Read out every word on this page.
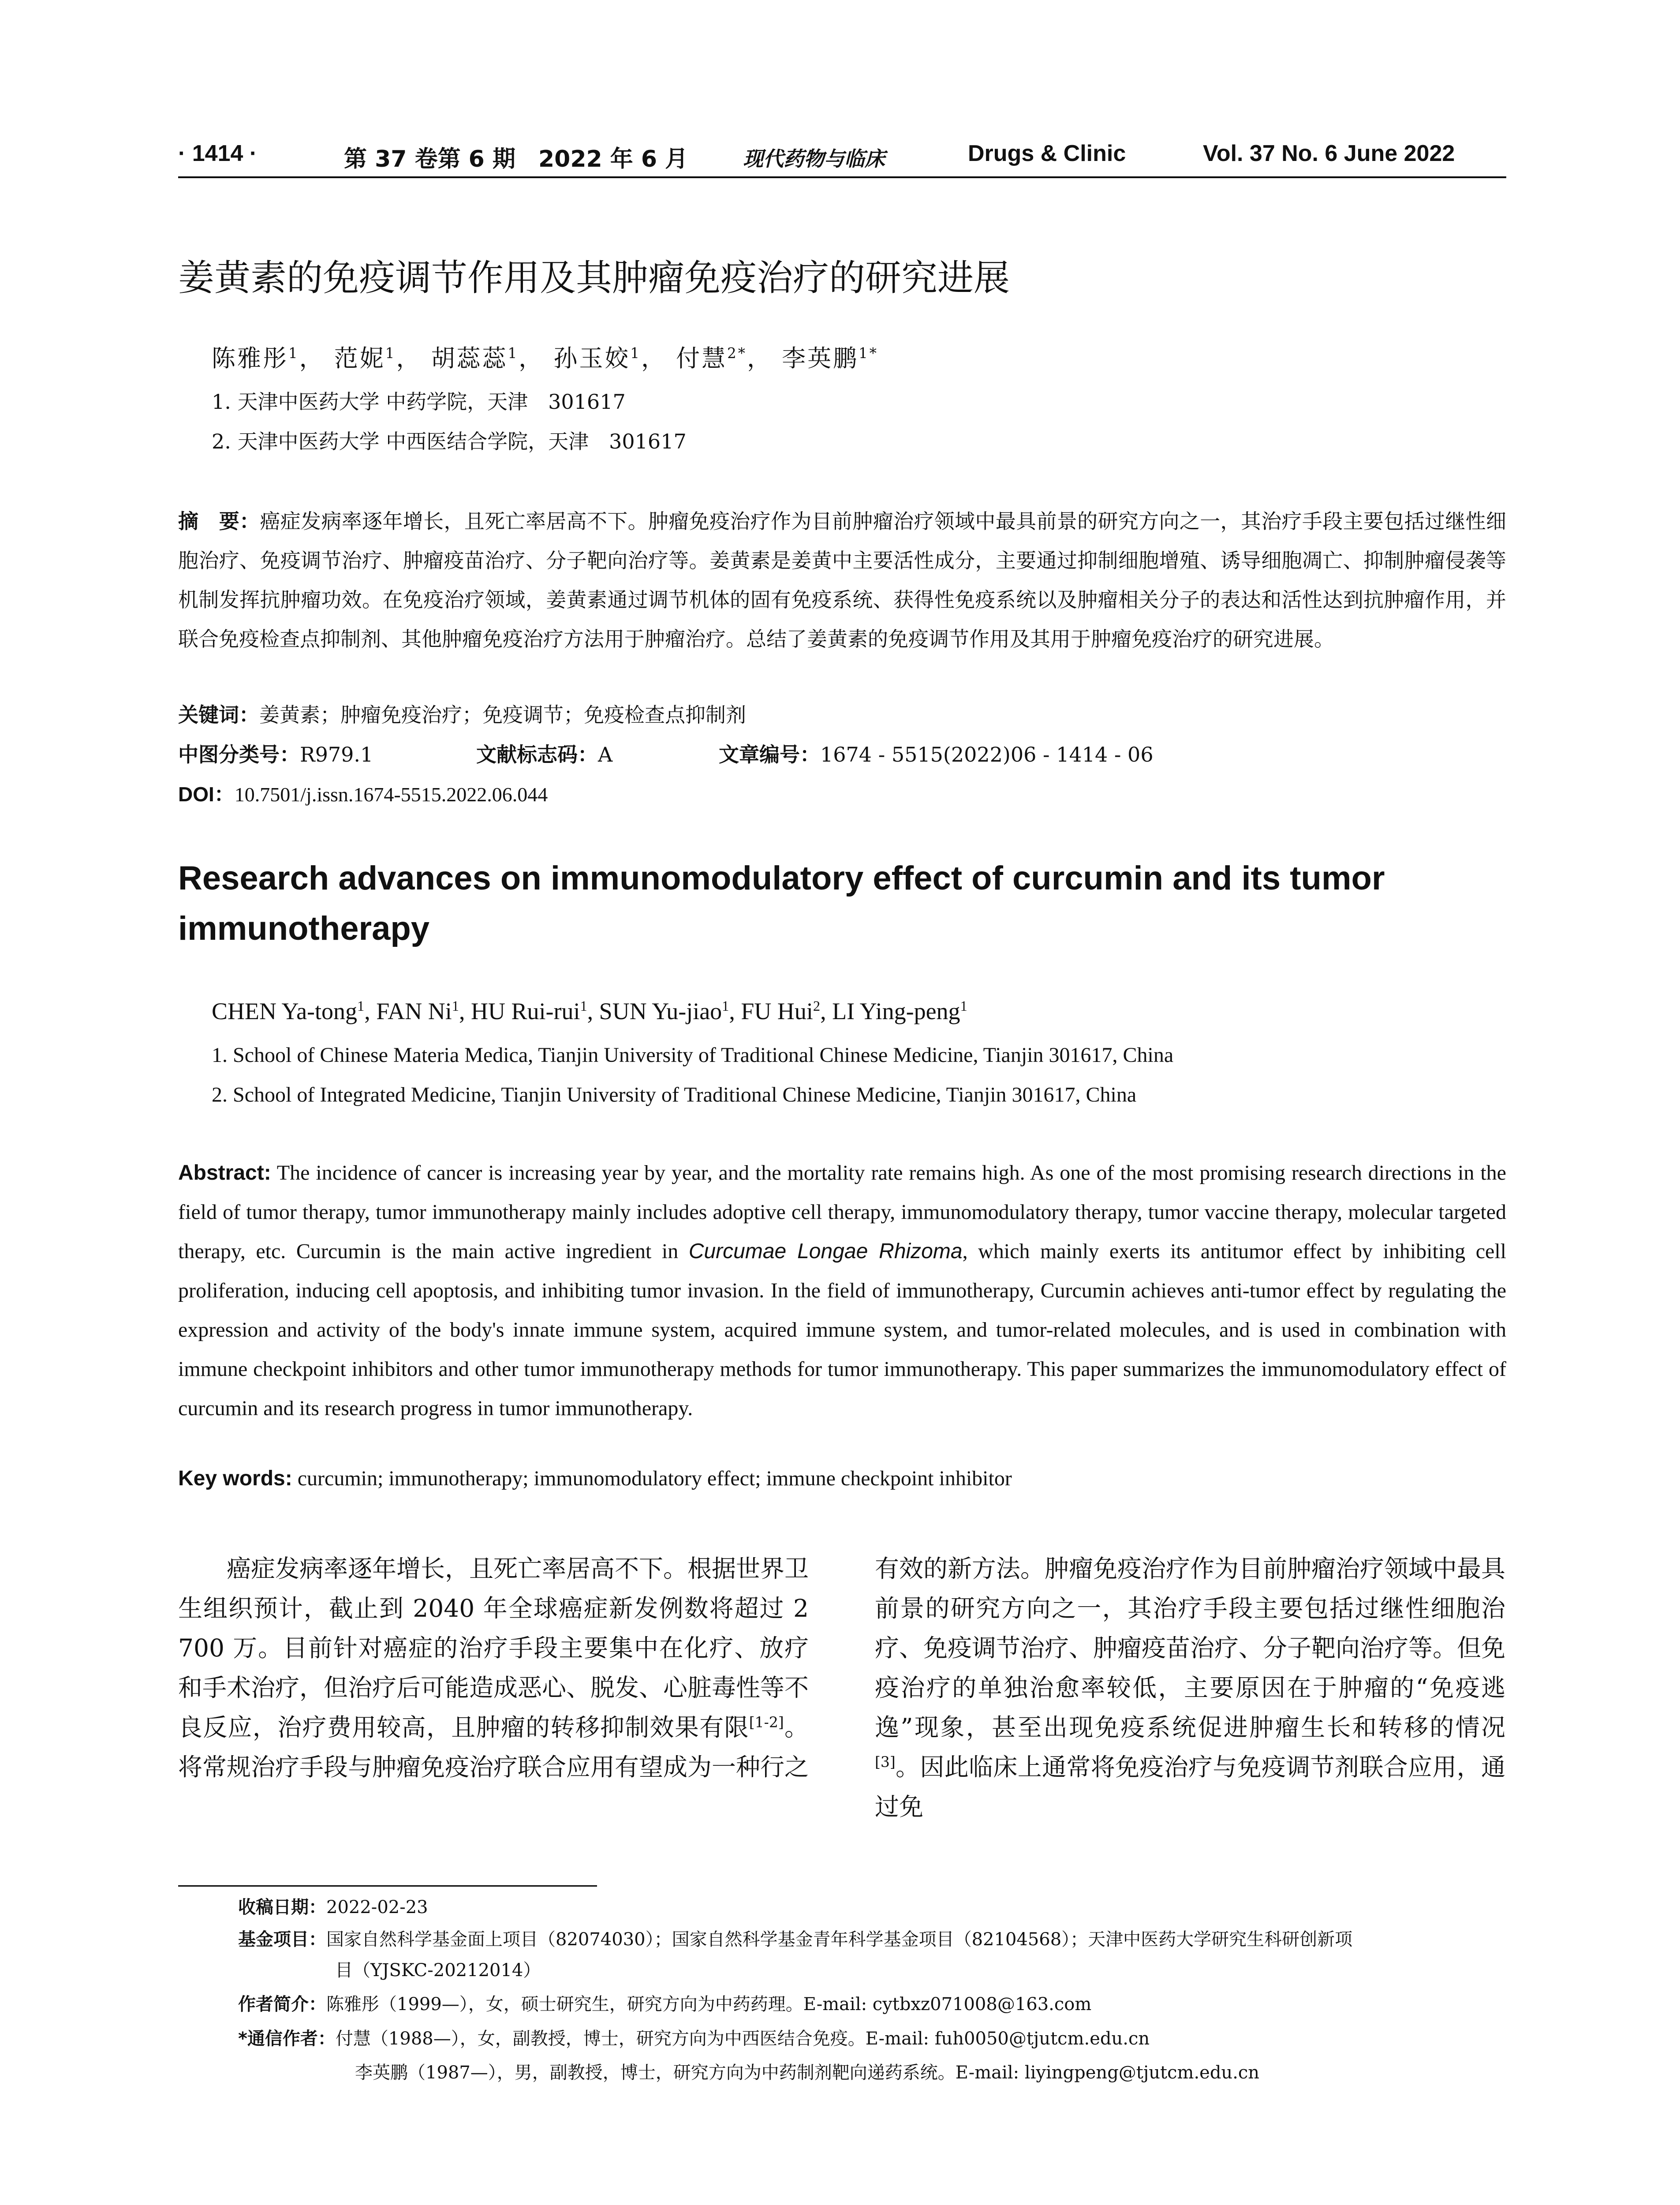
· 1414 ·	第 37 卷第 6 期　2022 年 6 月	现代药物与临床	Drugs & Clinic	Vol. 37 No. 6 June 2022
姜黄素的免疫调节作用及其肿瘤免疫治疗的研究进展
陈雅彤$^1$， 范妮$^1$， 胡蕊蕊$^1$， 孙玉姣$^1$， 付慧$^{2*}$， 李英鹏$^{1*}$
1. 天津中医药大学 中药学院，天津　301617
2. 天津中医药大学 中西医结合学院，天津　301617
摘　要：癌症发病率逐年增长，且死亡率居高不下。肿瘤免疫治疗作为目前肿瘤治疗领域中最具前景的研究方向之一，其治疗手段主要包括过继性细胞治疗、免疫调节治疗、肿瘤疫苗治疗、分子靶向治疗等。姜黄素是姜黄中主要活性成分，主要通过抑制细胞增殖、诱导细胞凋亡、抑制肿瘤侵袭等机制发挥抗肿瘤功效。在免疫治疗领域，姜黄素通过调节机体的固有免疫系统、获得性免疫系统以及肿瘤相关分子的表达和活性达到抗肿瘤作用，并联合免疫检查点抑制剂、其他肿瘤免疫治疗方法用于肿瘤治疗。总结了姜黄素的免疫调节作用及其用于肿瘤免疫治疗的研究进展。
关键词：姜黄素；肿瘤免疫治疗；免疫调节；免疫检查点抑制剂
中图分类号：R979.1	文献标志码：A	文章编号：1674 - 5515(2022)06 - 1414 - 06
DOI：10.7501/j.issn.1674-5515.2022.06.044
Research advances on immunomodulatory effect of curcumin and its tumor immunotherapy
CHEN Ya-tong$^1$, FAN Ni$^1$, HU Rui-rui$^1$, SUN Yu-jiao$^1$, FU Hui$^2$, LI Ying-peng$^1$
1. School of Chinese Materia Medica, Tianjin University of Traditional Chinese Medicine, Tianjin 301617, China
2. School of Integrated Medicine, Tianjin University of Traditional Chinese Medicine, Tianjin 301617, China
Abstract: The incidence of cancer is increasing year by year, and the mortality rate remains high. As one of the most promising research directions in the field of tumor therapy, tumor immunotherapy mainly includes adoptive cell therapy, immunomodulatory therapy, tumor vaccine therapy, molecular targeted therapy, etc. Curcumin is the main active ingredient in Curcumae Longae Rhizoma, which mainly exerts its antitumor effect by inhibiting cell proliferation, inducing cell apoptosis, and inhibiting tumor invasion. In the field of immunotherapy, Curcumin achieves anti-tumor effect by regulating the expression and activity of the body's innate immune system, acquired immune system, and tumor-related molecules, and is used in combination with immune checkpoint inhibitors and other tumor immunotherapy methods for tumor immunotherapy. This paper summarizes the immunomodulatory effect of curcumin and its research progress in tumor immunotherapy.
Key words: curcumin; immunotherapy; immunomodulatory effect; immune checkpoint inhibitor
癌症发病率逐年增长，且死亡率居高不下。根据世界卫生组织预计，截止到 2040 年全球癌症新发例数将超过 2 700 万。目前针对癌症的治疗手段主要集中在化疗、放疗和手术治疗，但治疗后可能造成恶心、脱发、心脏毒性等不良反应，治疗费用较高，且肿瘤的转移抑制效果有限[1-2]。将常规治疗手段与肿瘤免疫治疗联合应用有望成为一种行之
有效的新方法。肿瘤免疫治疗作为目前肿瘤治疗领域中最具前景的研究方向之一，其治疗手段主要包括过继性细胞治疗、免疫调节治疗、肿瘤疫苗治疗、分子靶向治疗等。但免疫治疗的单独治愈率较低，主要原因在于肿瘤的“免疫逃逸”现象，甚至出现免疫系统促进肿瘤生长和转移的情况[3]。因此临床上通常将免疫治疗与免疫调节剂联合应用，通过免
收稿日期：2022-02-23
基金项目：国家自然科学基金面上项目（82074030）；国家自然科学基金青年科学基金项目（82104568）；天津中医药大学研究生科研创新项
目（YJSKC-20212014）
作者简介：陈雅彤（1999—），女，硕士研究生，研究方向为中药药理。E-mail: cytbxz071008@163.com
*通信作者：付慧（1988—），女，副教授，博士，研究方向为中西医结合免疫。E-mail: fuh0050@tjutcm.edu.cn
李英鹏（1987—），男，副教授，博士，研究方向为中药制剂靶向递药系统。E-mail: liyingpeng@tjutcm.edu.cn
